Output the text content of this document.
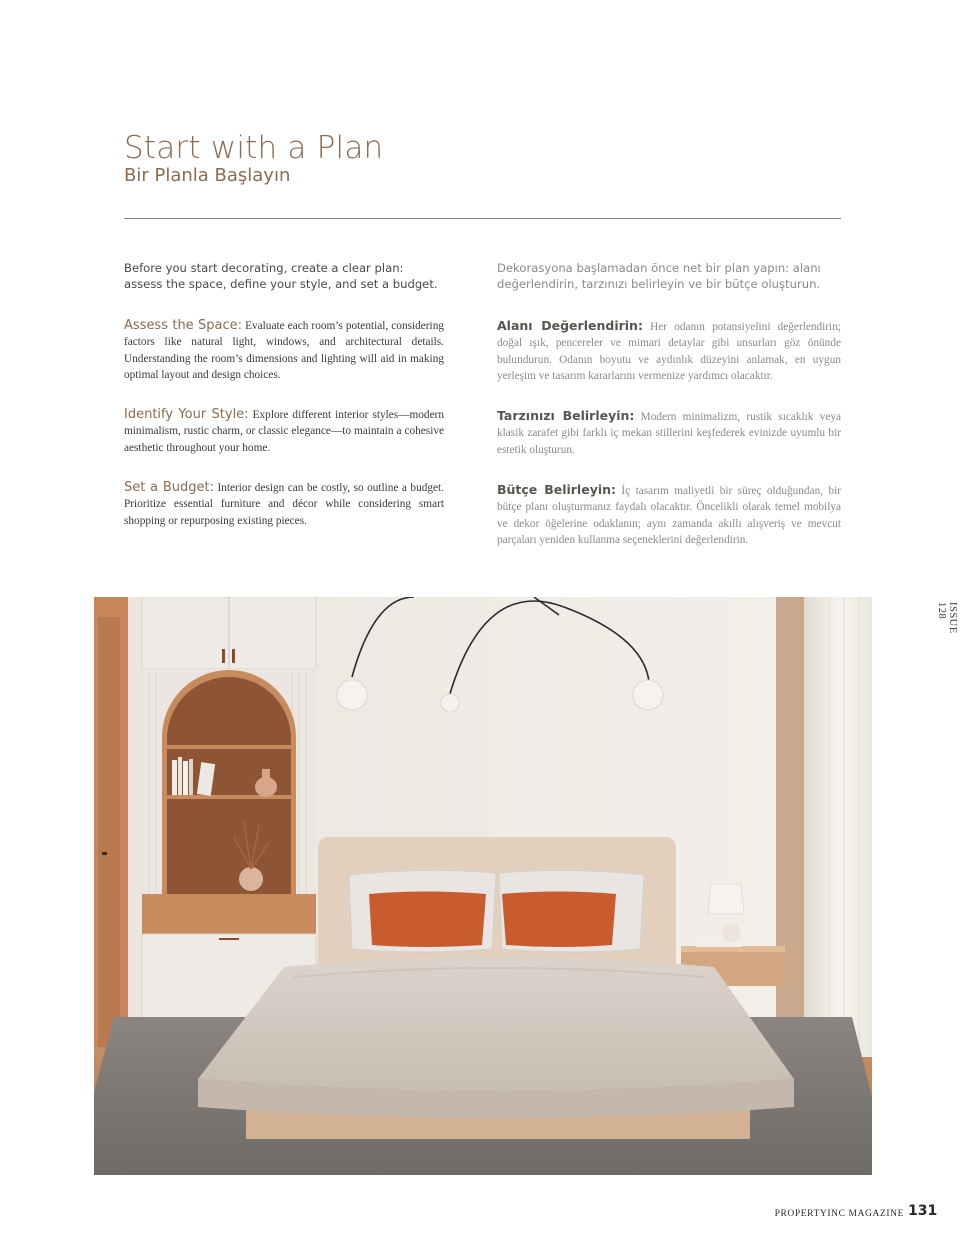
Start with a Plan
Bir Planla Başlayın

Before you start decorating, create a clear plan: assess the space, define your style, and set a budget.

Assess the Space: Evaluate each room’s potential, considering factors like natural light, windows, and architectural details. Understanding the room’s dimensions and lighting will aid in making optimal layout and design choices.

Identify Your Style: Explore different interior styles—modern minimalism, rustic charm, or classic elegance—to maintain a cohesive aesthetic throughout your home.

Set a Budget: Interior design can be costly, so outline a budget. Prioritize essential furniture and décor while considering smart shopping or repurposing existing pieces.

Dekorasyona başlamadan önce net bir plan yapın: alanı değerlendirin, tarzınızı belirleyin ve bir bütçe oluşturun.

Alanı Değerlendirin: Her odanın potansiyelini değerlendirin; doğal ışık, pencereler ve mimari detaylar gibi unsurları göz önünde bulundurun. Odanın boyutu ve aydınlık düzeyini anlamak, en uygun yerleşim ve tasarım kararlarını vermenize yardımcı olacaktır.

Tarzınızı Belirleyin: Modern minimalizm, rustik sıcaklık veya klasik zarafet gibi farklı iç mekan stillerini keşfederek evinizde uyumlu bir estetik oluşturun.

Bütçe Belirleyin: İç tasarım maliyetli bir süreç olduğundan, bir bütçe planı oluşturmanız faydalı olacaktır. Öncelikli olarak temel mobilya ve dekor öğelerine odaklanın; aynı zamanda akıllı alışveriş ve mevcut parçaları yeniden kullanma seçeneklerini değerlendirin.

ISSUE 128
PROPERTYINC MAGAZINE 131
